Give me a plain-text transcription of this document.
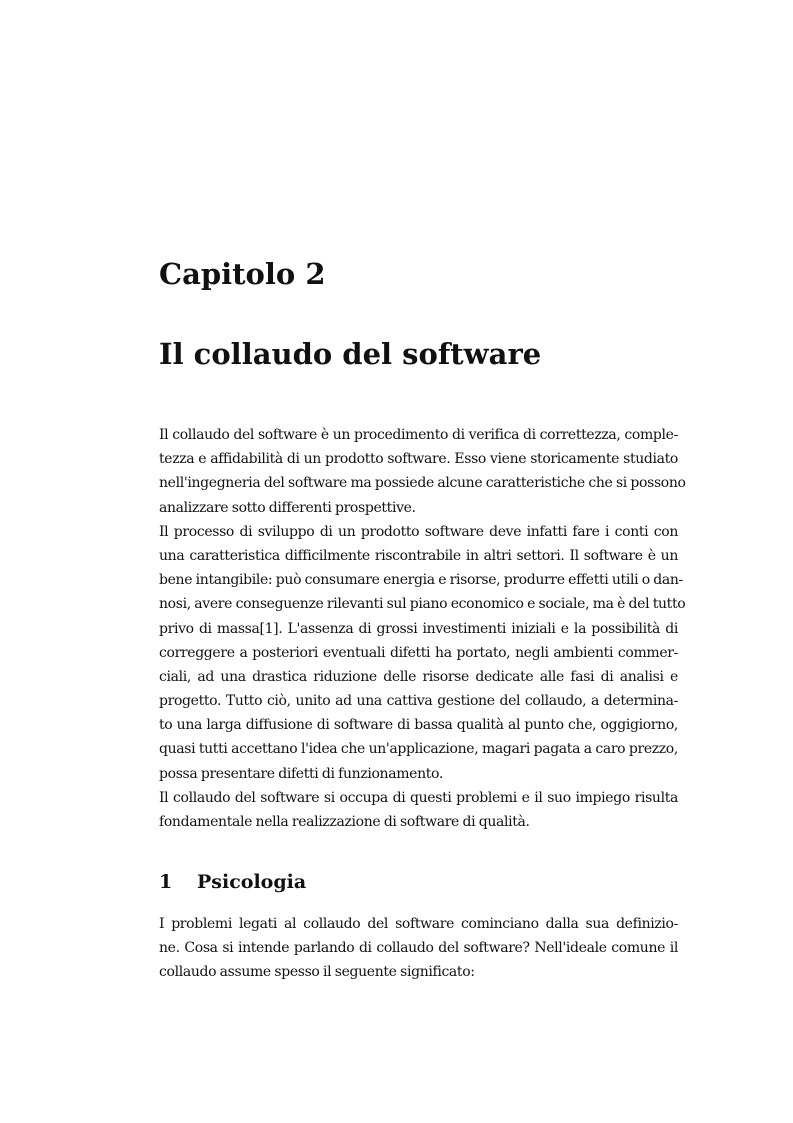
Capitolo 2
Il collaudo del software
Il collaudo del software è un procedimento di verifica di correttezza, comple-
tezza e affidabilità di un prodotto software. Esso viene storicamente studiato
nell'ingegneria del software ma possiede alcune caratteristiche che si possono
analizzare sotto differenti prospettive.
Il processo di sviluppo di un prodotto software deve infatti fare i conti con
una caratteristica difficilmente riscontrabile in altri settori. Il software è un
bene intangibile: può consumare energia e risorse, produrre effetti utili o dan-
nosi, avere conseguenze rilevanti sul piano economico e sociale, ma è del tutto
privo di massa[1]. L'assenza di grossi investimenti iniziali e la possibilità di
correggere a posteriori eventuali difetti ha portato, negli ambienti commer-
ciali, ad una drastica riduzione delle risorse dedicate alle fasi di analisi e
progetto. Tutto ciò, unito ad una cattiva gestione del collaudo, a determina-
to una larga diffusione di software di bassa qualità al punto che, oggigiorno,
quasi tutti accettano l'idea che un'applicazione, magari pagata a caro prezzo,
possa presentare difetti di funzionamento.
Il collaudo del software si occupa di questi problemi e il suo impiego risulta
fondamentale nella realizzazione di software di qualità.
1 Psicologia
I problemi legati al collaudo del software cominciano dalla sua definizio-
ne. Cosa si intende parlando di collaudo del software? Nell'ideale comune il
collaudo assume spesso il seguente significato:
